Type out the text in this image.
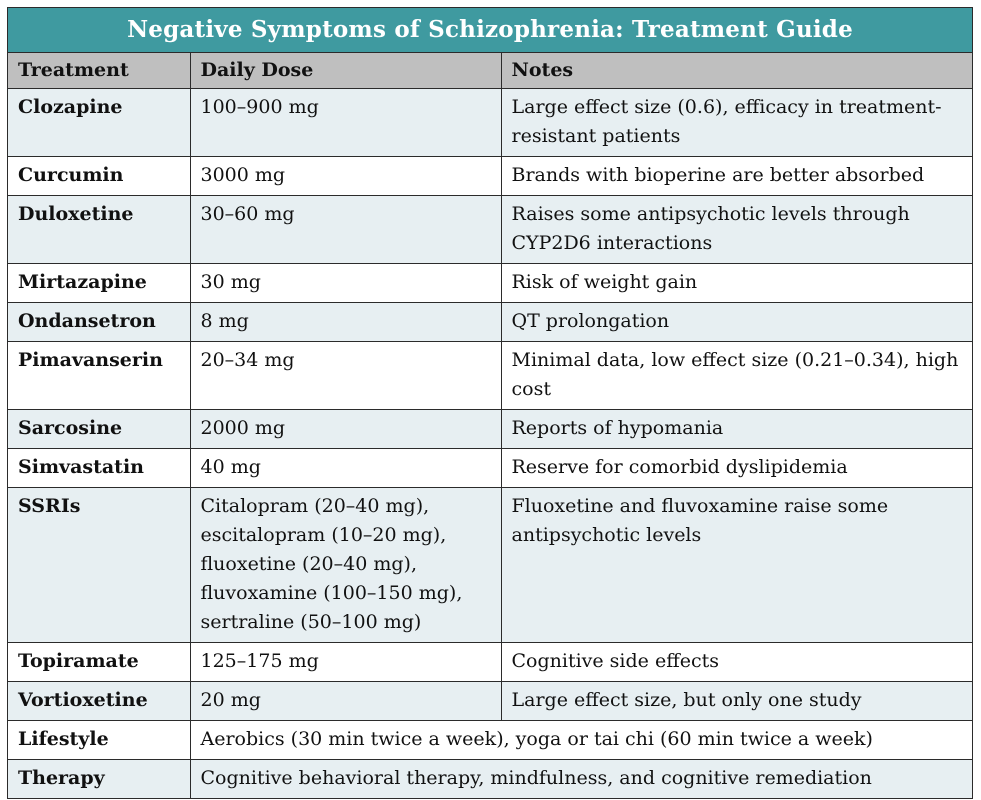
Negative Symptoms of Schizophrenia: Treatment Guide
Treatment	Daily Dose	Notes
Clozapine	100–900 mg	Large effect size (0.6), efficacy in treatment-resistant patients
Curcumin	3000 mg	Brands with bioperine are better absorbed
Duloxetine	30–60 mg	Raises some antipsychotic levels through CYP2D6 interactions
Mirtazapine	30 mg	Risk of weight gain
Ondansetron	8 mg	QT prolongation
Pimavanserin	20–34 mg	Minimal data, low effect size (0.21–0.34), high cost
Sarcosine	2000 mg	Reports of hypomania
Simvastatin	40 mg	Reserve for comorbid dyslipidemia
SSRIs	Citalopram (20–40 mg),
escitalopram (10–20 mg),
fluoxetine (20–40 mg),
fluvoxamine (100–150 mg),
sertraline (50–100 mg)	Fluoxetine and fluvoxamine raise some antipsychotic levels
Topiramate	125–175 mg	Cognitive side effects
Vortioxetine	20 mg	Large effect size, but only one study
Lifestyle	Aerobics (30 min twice a week), yoga or tai chi (60 min twice a week)	
Therapy	Cognitive behavioral therapy, mindfulness, and cognitive remediation	
